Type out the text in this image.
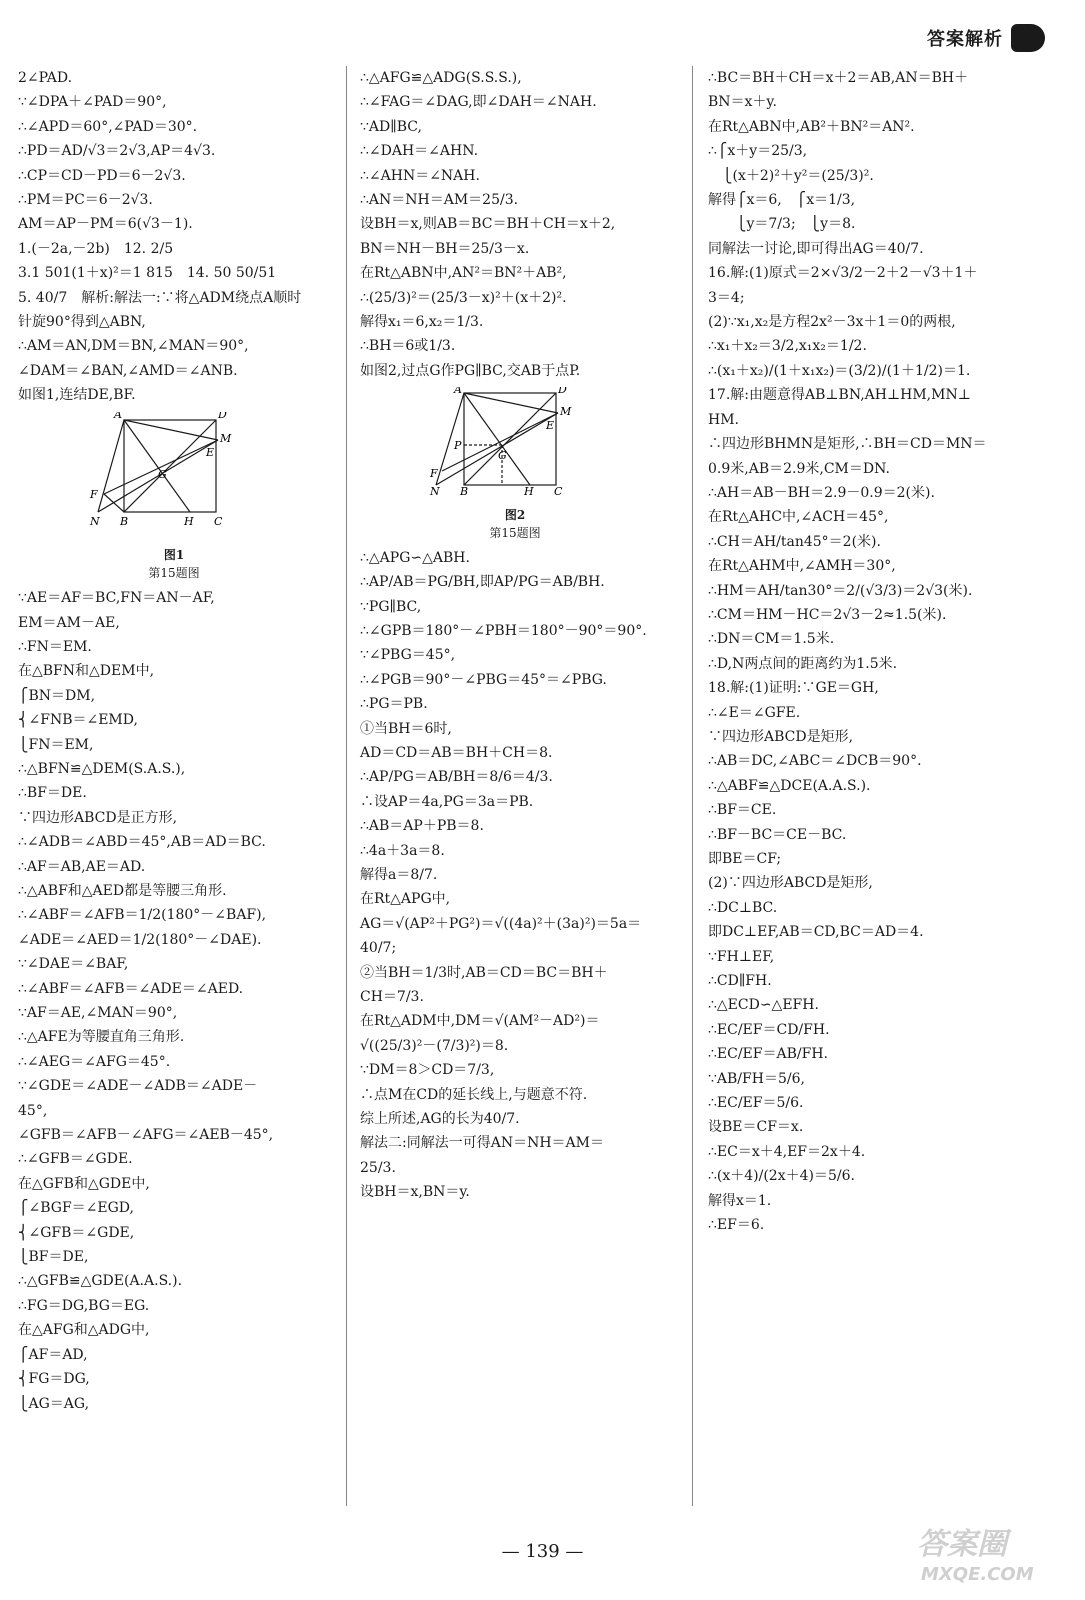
答案解析
2∠PAD.
∵∠DPA＋∠PAD＝90°,
∴∠APD＝60°,∠PAD＝30°.
∴PD＝AD/√3＝2√3,AP＝4√3.
∴CP＝CD－PD＝6－2√3.
∴PM＝PC＝6－2√3.
AM＝AP－PM＝6(√3－1).
1.(－2a,－2b)　12. 2/5
3.1 501(1＋x)²＝1 815　14. 50 50/51
5. 40/7　解析:解法一:∵将△ADM绕点A顺时
针旋90°得到△ABN,
∴AM＝AN,DM＝BN,∠MAN＝90°,
∠DAM＝∠BAN,∠AMD＝∠ANB.
如图1,连结DE,BF.
A	D
M
E
G
F
N B	H C
图1
第15题图
∵AE＝AF＝BC,FN＝AN－AF,
EM＝AM－AE,
∴FN＝EM.
在△BFN和△DEM中,
⎧BN＝DM,
⎨∠FNB＝∠EMD,
⎩FN＝EM,
∴△BFN≌△DEM(S.A.S.),
∴BF＝DE.
∵四边形ABCD是正方形,
∴∠ADB＝∠ABD＝45°,AB＝AD＝BC.
∴AF＝AB,AE＝AD.
∴△ABF和△AED都是等腰三角形.
∴∠ABF＝∠AFB＝1/2(180°－∠BAF),
∠ADE＝∠AED＝1/2(180°－∠DAE).
∵∠DAE＝∠BAF,
∴∠ABF＝∠AFB＝∠ADE＝∠AED.
∵AF＝AE,∠MAN＝90°,
∴△AFE为等腰直角三角形.
∴∠AEG＝∠AFG＝45°.
∵∠GDE＝∠ADE－∠ADB＝∠ADE－
45°,
∠GFB＝∠AFB－∠AFG＝∠AEB－45°,
∴∠GFB＝∠GDE.
在△GFB和△GDE中,
⎧∠BGF＝∠EGD,
⎨∠GFB＝∠GDE,
⎩BF＝DE,
∴△GFB≌△GDE(A.A.S.).
∴FG＝DG,BG＝EG.
在△AFG和△ADG中,
⎧AF＝AD,
⎨FG＝DG,
⎩AG＝AG,
∴△AFG≌△ADG(S.S.S.),
∴∠FAG＝∠DAG,即∠DAH＝∠NAH.
∵AD∥BC,
∴∠DAH＝∠AHN.
∴∠AHN＝∠NAH.
∴AN＝NH＝AM＝25/3.
设BH＝x,则AB＝BC＝BH＋CH＝x＋2,
BN＝NH－BH＝25/3－x.
在Rt△ABN中,AN²＝BN²＋AB²,
∴(25/3)²＝(25/3－x)²＋(x＋2)².
解得x₁＝6,x₂＝1/3.
∴BH＝6或1/3.
如图2,过点G作PG∥BC,交AB于点P.
A	D
M
E
P
G
F
N B	H C
图2
第15题图
∴△APG∽△ABH.
∴AP/AB＝PG/BH,即AP/PG＝AB/BH.
∵PG∥BC,
∴∠GPB＝180°－∠PBH＝180°－90°＝90°.
∵∠PBG＝45°,
∴∠PGB＝90°－∠PBG＝45°＝∠PBG.
∴PG＝PB.
①当BH＝6时,
AD＝CD＝AB＝BH＋CH＝8.
∴AP/PG＝AB/BH＝8/6＝4/3.
∴设AP＝4a,PG＝3a＝PB.
∴AB＝AP＋PB＝8.
∴4a＋3a＝8.
解得a＝8/7.
在Rt△APG中,
AG＝√(AP²＋PG²)＝√((4a)²＋(3a)²)＝5a＝
40/7;
②当BH＝1/3时,AB＝CD＝BC＝BH＋
CH＝7/3.
在Rt△ADM中,DM＝√(AM²－AD²)＝
√((25/3)²－(7/3)²)＝8.
∵DM＝8＞CD＝7/3,
∴点M在CD的延长线上,与题意不符.
综上所述,AG的长为40/7.
解法二:同解法一可得AN＝NH＝AM＝
25/3.
设BH＝x,BN＝y.
∴BC＝BH＋CH＝x＋2＝AB,AN＝BH＋
BN＝x＋y.
在Rt△ABN中,AB²＋BN²＝AN².
∴⎧x＋y＝25/3,
　⎩(x＋2)²＋y²＝(25/3)².
解得⎧x＝6,　⎧x＝1/3,
　　⎩y＝7/3;　⎩y＝8.
同解法一讨论,即可得出AG＝40/7.
16.解:(1)原式＝2×√3/2－2＋2－√3＋1＋
3＝4;
(2)∵x₁,x₂是方程2x²－3x＋1＝0的两根,
∴x₁＋x₂＝3/2,x₁x₂＝1/2.
∴(x₁＋x₂)/(1＋x₁x₂)＝(3/2)/(1＋1/2)＝1.
17.解:由题意得AB⊥BN,AH⊥HM,MN⊥
HM.
∴四边形BHMN是矩形,∴BH＝CD＝MN＝
0.9米,AB＝2.9米,CM＝DN.
∴AH＝AB－BH＝2.9－0.9＝2(米).
在Rt△AHC中,∠ACH＝45°,
∴CH＝AH/tan45°＝2(米).
在Rt△AHM中,∠AMH＝30°,
∴HM＝AH/tan30°＝2/(√3/3)＝2√3(米).
∴CM＝HM－HC＝2√3－2≈1.5(米).
∴DN＝CM＝1.5米.
∴D,N两点间的距离约为1.5米.
18.解:(1)证明:∵GE＝GH,
∴∠E＝∠GFE.
∵四边形ABCD是矩形,
∴AB＝DC,∠ABC＝∠DCB＝90°.
∴△ABF≌△DCE(A.A.S.).
∴BF＝CE.
∴BF－BC＝CE－BC.
即BE＝CF;
(2)∵四边形ABCD是矩形,
∴DC⊥BC.
即DC⊥EF,AB＝CD,BC＝AD＝4.
∵FH⊥EF,
∴CD∥FH.
∴△ECD∽△EFH.
∴EC/EF＝CD/FH.
∴EC/EF＝AB/FH.
∵AB/FH＝5/6,
∴EC/EF＝5/6.
设BE＝CF＝x.
∴EC＝x＋4,EF＝2x＋4.
∴(x＋4)/(2x＋4)＝5/6.
解得x＝1.
∴EF＝6.
— 139 —	答案圈
MXQE.COM
